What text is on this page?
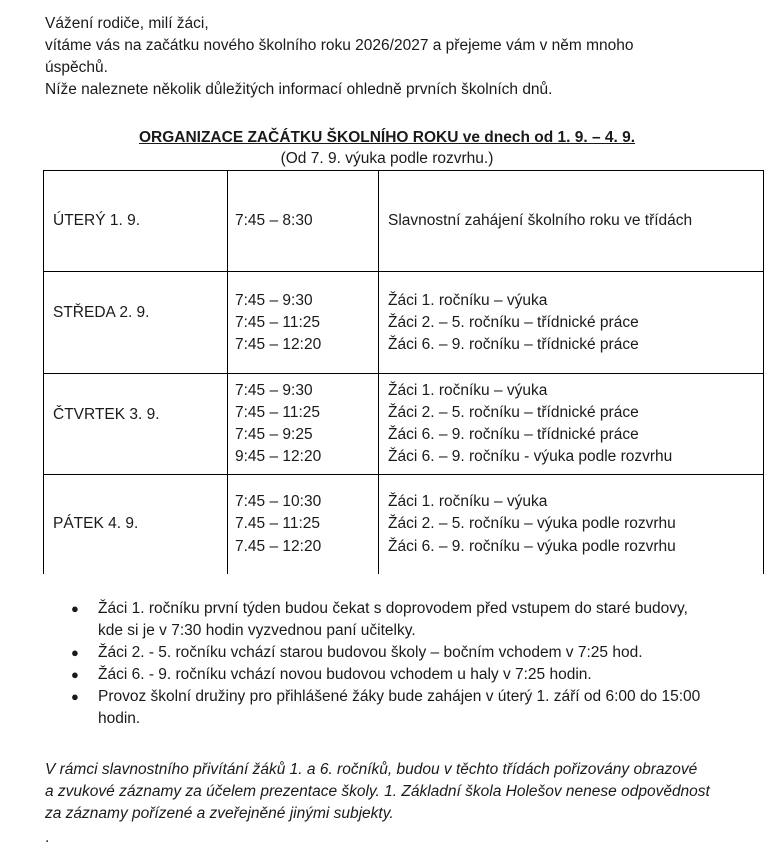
Vážení rodiče, milí žáci,
vítáme vás na začátku nového školního roku 2026/2027 a přejeme vám v něm mnoho
úspěchů.
Níže naleznete několik důležitých informací ohledně prvních školních dnů.
ORGANIZACE ZAČÁTKU ŠKOLNÍHO ROKU ve dnech od 1. 9. – 4. 9.
(Od 7. 9. výuka podle rozvrhu.)
ÚTERÝ 1. 9.	7:45 – 8:30	Slavnostní zahájení školního roku ve třídách
STŘEDA 2. 9.
7:45 – 9:30
7:45 – 11:25
7:45 – 12:20
Žáci 1. ročníku – výuka
Žáci 2. – 5. ročníku – třídnické práce
Žáci 6. – 9. ročníku – třídnické práce
ČTVRTEK 3. 9.
7:45 – 9:30
7:45 – 11:25
7:45 – 9:25
9:45 – 12:20
Žáci 1. ročníku – výuka
Žáci 2. – 5. ročníku – třídnické práce
Žáci 6. – 9. ročníku – třídnické práce
Žáci 6. – 9. ročníku - výuka podle rozvrhu
PÁTEK 4. 9.
7:45 – 10:30
7.45 – 11:25
7.45 – 12:20
Žáci 1. ročníku – výuka
Žáci 2. – 5. ročníku – výuka podle rozvrhu
Žáci 6. – 9. ročníku – výuka podle rozvrhu
● Žáci 1. ročníku první týden budou čekat s doprovodem před vstupem do staré budovy,
kde si je v 7:30 hodin vyzvednou paní učitelky.
● Žáci 2. - 5. ročníku vchází starou budovou školy – bočním vchodem v 7:25 hod.
● Žáci 6. - 9. ročníku vchází novou budovou vchodem u haly v 7:25 hodin.
● Provoz školní družiny pro přihlášené žáky bude zahájen v úterý 1. září od 6:00 do 15:00
hodin.
V rámci slavnostního přivítání žáků 1. a 6. ročníků, budou v těchto třídách pořizovány obrazové
a zvukové záznamy za účelem prezentace školy. 1. Základní škola Holešov nenese odpovědnost
za záznamy pořízené a zveřejněné jinými subjekty.
.
